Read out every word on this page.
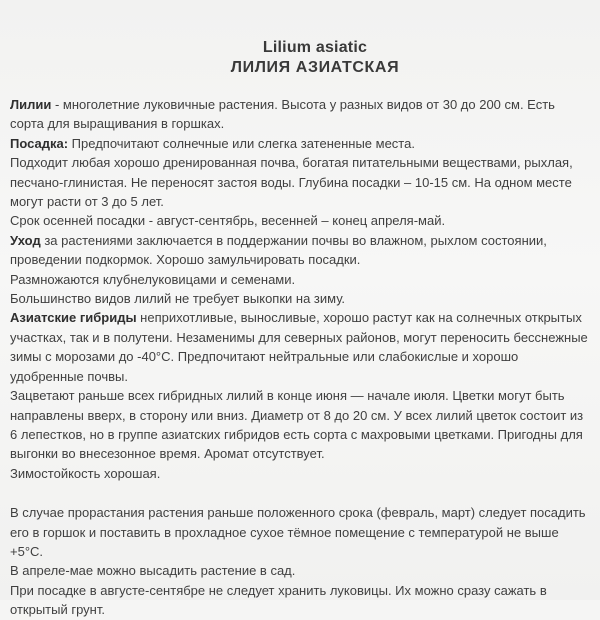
Lilium asiatic
ЛИЛИЯ АЗИАТСКАЯ

Лилии - многолетние луковичные растения. Высота у разных видов от 30 до 200 см. Есть сорта для выращивания в горшках.

Посадка: Предпочитают солнечные или слегка затененные места.

Подходит любая хорошо дренированная почва, богатая питательными веществами, рыхлая, песчано-глинистая. Не переносят застоя воды. Глубина посадки – 10-15 см. На одном месте могут расти от 3 до 5 лет.

Срок осенней посадки - август-сентябрь, весенней – конец апреля-май.

Уход за растениями заключается в поддержании почвы во влажном, рыхлом состоянии, проведении подкормок. Хорошо замульчировать посадки.

Размножаются клубнелуковицами и семенами.

Большинство видов лилий не требует выкопки на зиму.

Азиатские гибриды неприхотливые, выносливые, хорошо растут как на солнечных открытых участках, так и в полутени. Незаменимы для северных районов, могут переносить бесснежные зимы с морозами до -40°С. Предпочитают нейтральные или слабокислые и хорошо удобренные почвы.

Зацветают раньше всех гибридных лилий в конце июня — начале июля. Цветки могут быть направлены вверх, в сторону или вниз. Диаметр от 8 до 20 см. У всех лилий цветок состоит из 6 лепестков, но в группе азиатских гибридов есть сорта с махровыми цветками. Пригодны для выгонки во внесезонное время. Аромат отсутствует.

Зимостойкость хорошая.

В случае прорастания растения раньше положенного срока (февраль, март) следует посадить его в горшок и поставить в прохладное сухое тёмное помещение с температурой не выше +5°С.

В апреле-мае можно высадить растение в сад.

При посадке в августе-сентябре не следует хранить луковицы. Их можно сразу сажать в открытый грунт.
